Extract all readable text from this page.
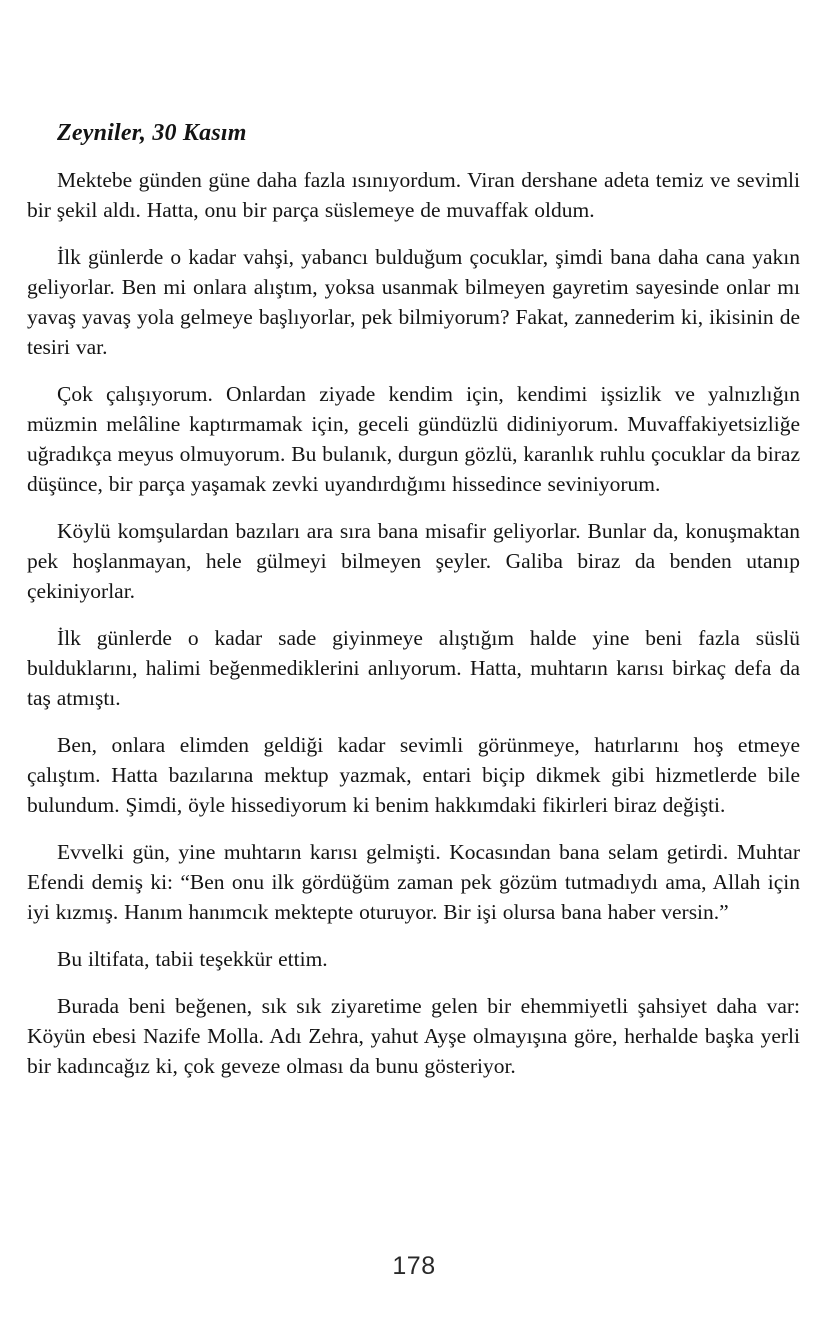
Zeyniler, 30 Kasım

Mektebe günden güne daha fazla ısınıyordum. Viran dershane adeta temiz ve sevimli bir şekil aldı. Hatta, onu bir parça süslemeye de muvaffak oldum.

İlk günlerde o kadar vahşi, yabancı bulduğum çocuklar, şimdi bana daha cana yakın geliyorlar. Ben mi onlara alıştım, yoksa usanmak bilmeyen gayretim sayesinde onlar mı yavaş yavaş yola gelmeye başlıyorlar, pek bilmiyorum? Fakat, zannederim ki, ikisinin de tesiri var.

Çok çalışıyorum. Onlardan ziyade kendim için, kendimi işsizlik ve yalnızlığın müzmin melâline kaptırmamak için, geceli gündüzlü didiniyorum. Muvaffakiyetsizliğe uğradıkça meyus olmuyorum. Bu bulanık, durgun gözlü, karanlık ruhlu çocuklar da biraz düşünce, bir parça yaşamak zevki uyandırdığımı hissedince seviniyorum.

Köylü komşulardan bazıları ara sıra bana misafir geliyorlar. Bunlar da, konuşmaktan pek hoşlanmayan, hele gülmeyi bilmeyen şeyler. Galiba biraz da benden utanıp çekiniyorlar.

İlk günlerde o kadar sade giyinmeye alıştığım halde yine beni fazla süslü bulduklarını, halimi beğenmediklerini anlıyorum. Hatta, muhtarın karısı birkaç defa da taş atmıştı.

Ben, onlara elimden geldiği kadar sevimli görünmeye, hatırlarını hoş etmeye çalıştım. Hatta bazılarına mektup yazmak, entari biçip dikmek gibi hizmetlerde bile bulundum. Şimdi, öyle hissediyorum ki benim hakkımdaki fikirleri biraz değişti.

Evvelki gün, yine muhtarın karısı gelmişti. Kocasından bana selam getirdi. Muhtar Efendi demiş ki: “Ben onu ilk gördüğüm zaman pek gözüm tutmadıydı ama, Allah için iyi kızmış. Hanım hanımcık mektepte oturuyor. Bir işi olursa bana haber versin.”

Bu iltifata, tabii teşekkür ettim.

Burada beni beğenen, sık sık ziyaretime gelen bir ehemmiyetli şahsiyet daha var: Köyün ebesi Nazife Molla. Adı Zehra, yahut Ayşe olmayışına göre, herhalde başka yerli bir kadıncağız ki, çok geveze olması da bunu gösteriyor.

178
